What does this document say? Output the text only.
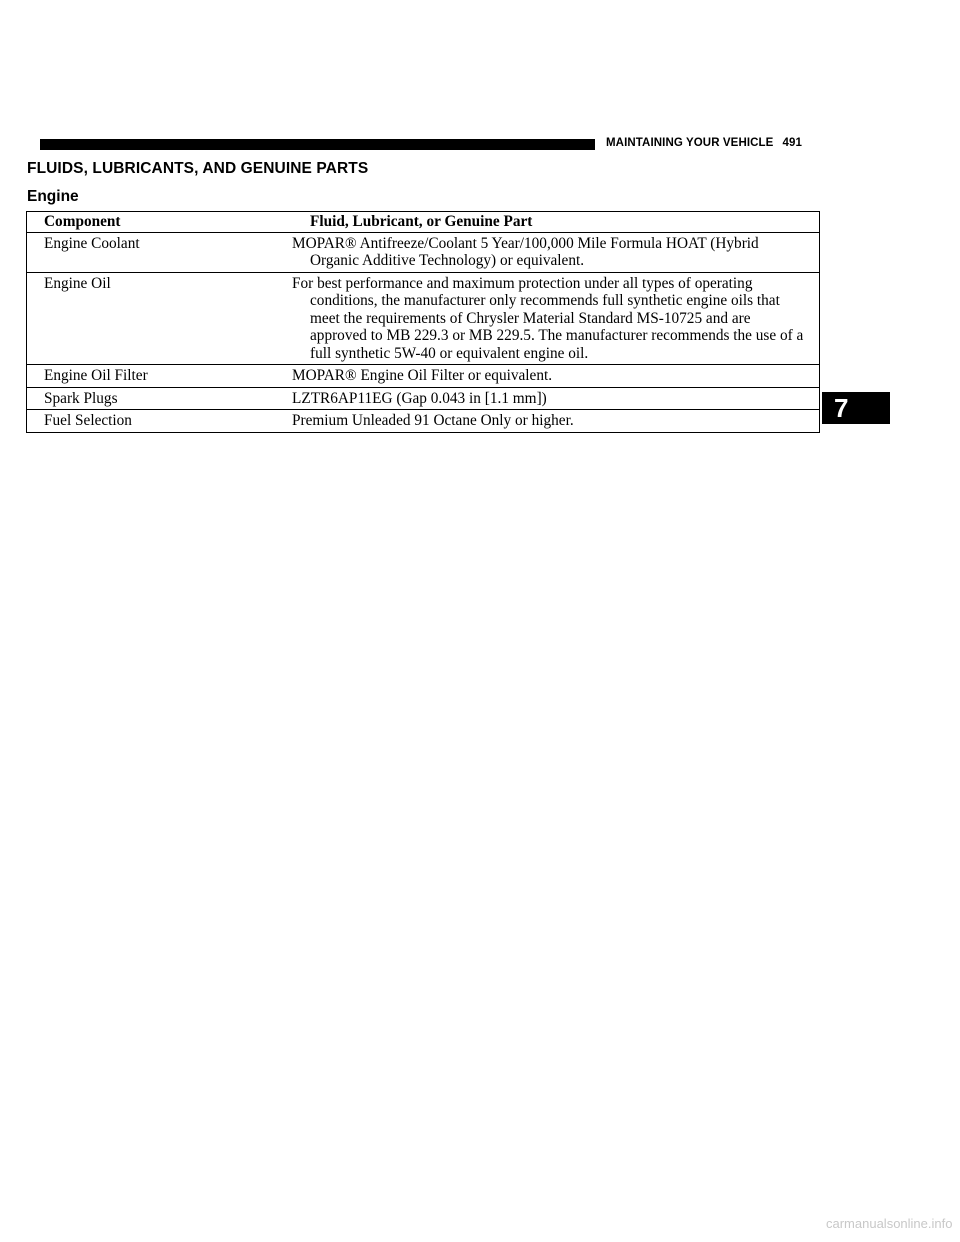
MAINTAINING YOUR VEHICLE 491
FLUIDS, LUBRICANTS, AND GENUINE PARTS
Engine
Component	Fluid, Lubricant, or Genuine Part
Engine Coolant	MOPAR® Antifreeze/Coolant 5 Year/100,000 Mile Formula HOAT (Hybrid Organic Additive Technology) or equivalent.
Engine Oil	For best performance and maximum protection under all types of operating conditions, the manufacturer only recommends full synthetic engine oils that meet the requirements of Chrysler Material Standard MS-10725 and are approved to MB 229.3 or MB 229.5. The manufacturer recommends the use of a full synthetic 5W-40 or equivalent engine oil.
Engine Oil Filter	MOPAR® Engine Oil Filter or equivalent.
Spark Plugs	LZTR6AP11EG (Gap 0.043 in [1.1 mm])
Fuel Selection	Premium Unleaded 91 Octane Only or higher.	7
carmanualsonline.info
